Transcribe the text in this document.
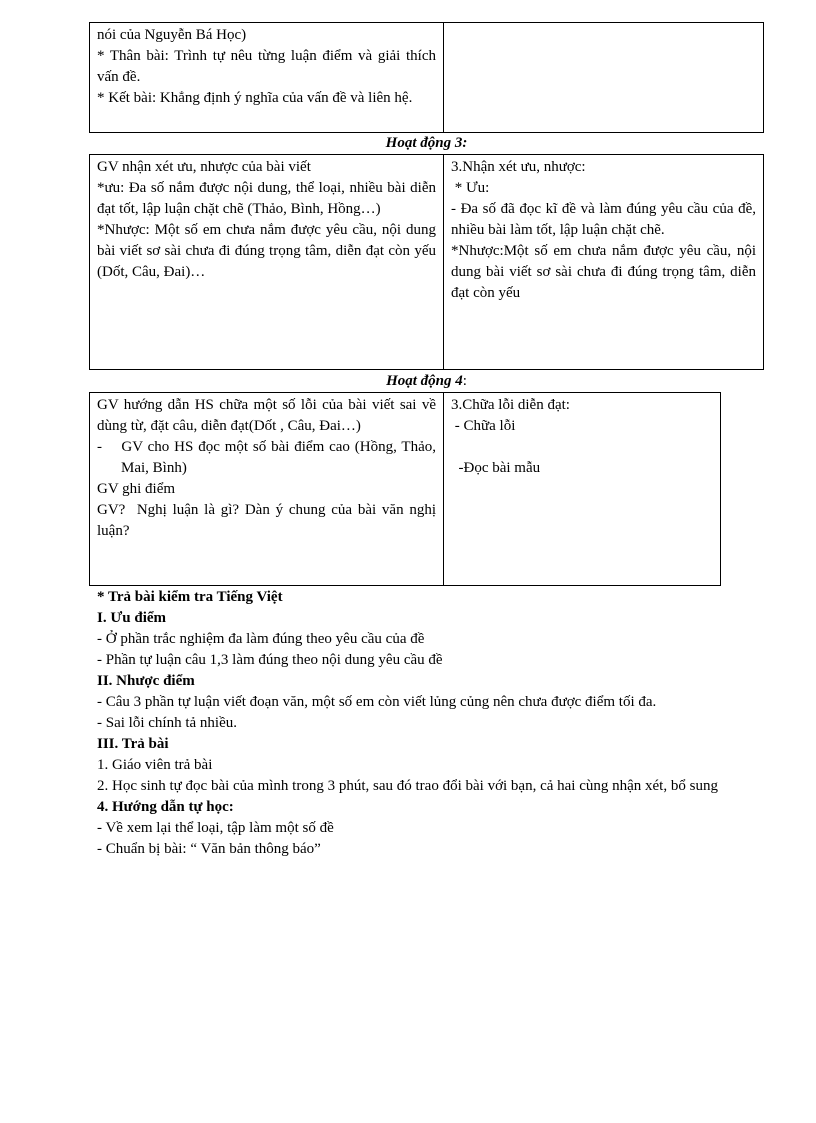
nói của Nguyễn Bá Học)
* Thân bài: Trình tự nêu từng luận điểm và giải thích vấn đề.
* Kết bài: Khẳng định ý nghĩa của vấn đề và liên hệ.
Hoạt động 3:
GV nhận xét ưu, nhược của bài viết
*ưu: Đa số nắm được nội dung, thể loại, nhiều bài diễn đạt tốt, lập luận chặt chẽ (Thảo, Bình, Hồng…)
*Nhược: Một số em chưa nắm được yêu cầu, nội dung bài viết sơ sài chưa đi đúng trọng tâm, diễn đạt còn yếu (Dốt, Câu, Đai)…
3.Nhận xét ưu, nhược:
* Ưu:
- Đa số đã đọc kĩ đề và làm đúng yêu cầu của đề, nhiều bài làm tốt, lập luận chặt chẽ.
*Nhược:Một số em chưa nắm được yêu cầu, nội dung bài viết sơ sài chưa đi đúng trọng tâm, diễn đạt còn yếu
Hoạt động 4:
GV hướng dẫn HS chữa một số lỗi của bài viết sai về dùng từ, đặt câu, diễn đạt(Dốt , Câu, Đai…)
-    GV cho HS đọc một số bài điểm cao (Hồng, Thảo, Mai, Bình)
GV ghi điểm
GV?  Nghị luận là gì? Dàn ý chung của bài văn nghị luận?
3.Chữa lỗi diễn đạt:
- Chữa lỗi
-Đọc bài mẫu
* Trả bài kiểm tra Tiếng Việt
I. Ưu điểm
- Ở phần trắc nghiệm đa làm đúng theo yêu cầu của đề
- Phần tự luận câu 1,3 làm đúng theo nội dung yêu cầu đề
II. Nhược điểm
- Câu 3 phần tự luận viết đoạn văn, một số em còn viết lủng củng nên chưa được điểm tối đa.
- Sai lỗi chính tả nhiều.
III. Trả bài
1. Giáo viên trả bài
2. Học sinh tự đọc bài của mình trong 3 phút, sau đó trao đổi bài với bạn, cả hai cùng nhận xét, bổ sung
4. Hướng dẫn tự học:
- Về xem lại thể loại, tập làm một số đề
- Chuẩn bị bài: “ Văn bản thông báo”
